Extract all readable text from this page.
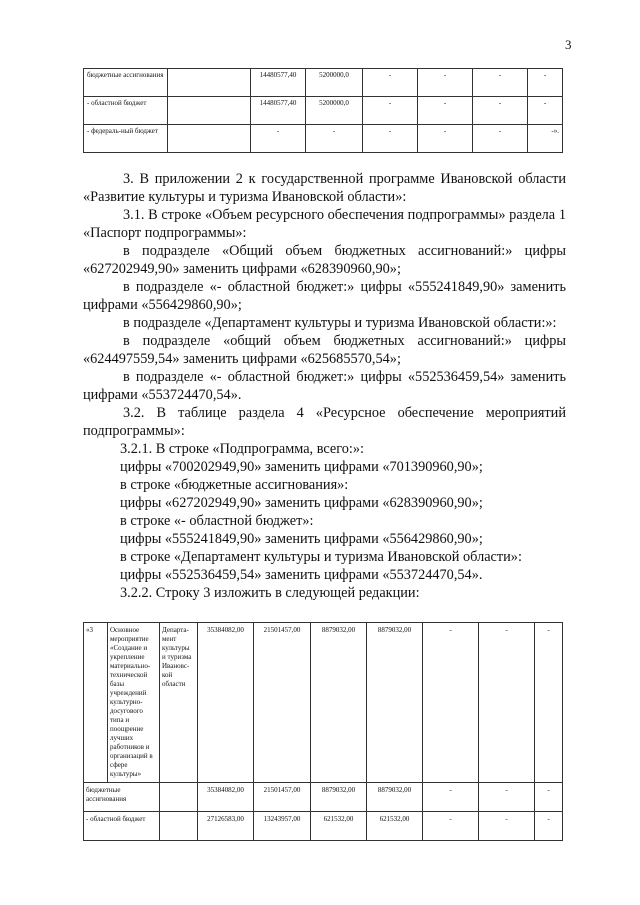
3
бюджетные ассигнования		14480577,40	5200000,0	-	-	-	-
- областной бюджет		14480577,40	5200000,0	-	-	-	-
- федераль-ный бюджет		-	-	-	-	-	-».

3. В приложении 2 к государственной программе Ивановской области «Развитие культуры и туризма Ивановской области»:

3.1. В строке «Объем ресурсного обеспечения подпрограммы» раздела 1 «Паспорт подпрограммы»:

в подразделе «Общий объем бюджетных ассигнований:» цифры «627202949,90» заменить цифрами «628390960,90»;

в подразделе «- областной бюджет:» цифры «555241849,90» заменить цифрами «556429860,90»;

в подразделе «Департамент культуры и туризма Ивановской области:»:

в подразделе «общий объем бюджетных ассигнований:» цифры «624497559,54» заменить цифрами «625685570,54»;

в подразделе «- областной бюджет:» цифры «552536459,54» заменить цифрами «553724470,54».

3.2. В таблице раздела 4 «Ресурсное обеспечение мероприятий подпрограммы»:

3.2.1. В строке «Подпрограмма, всего:»:

цифры «700202949,90» заменить цифрами «701390960,90»;

в строке «бюджетные ассигнования»:

цифры «627202949,90» заменить цифрами «628390960,90»;

в строке «- областной бюджет»:

цифры «555241849,90» заменить цифрами «556429860,90»;

в строке «Департамент культуры и туризма Ивановской области»:

цифры «552536459,54» заменить цифрами «553724470,54».

3.2.2. Строку 3 изложить в следующей редакции:

«3	Основное мероприятие «Создание и укрепление материально-технической базы учреждений культурно-досугового типа и поощрение лучших работников и организаций в сфере культуры»	Департа-мент культуры и туризма Ивановс-кой области	35384082,00	21501457,00	8879032,00	8879032,00	-	-	-
бюджетные ассигнования			35384082,00	21501457,00	8879032,00	8879032,00	-	-	-
- областной бюджет			27126583,00	13243957,00	621532,00	621532,00	-	-	-
